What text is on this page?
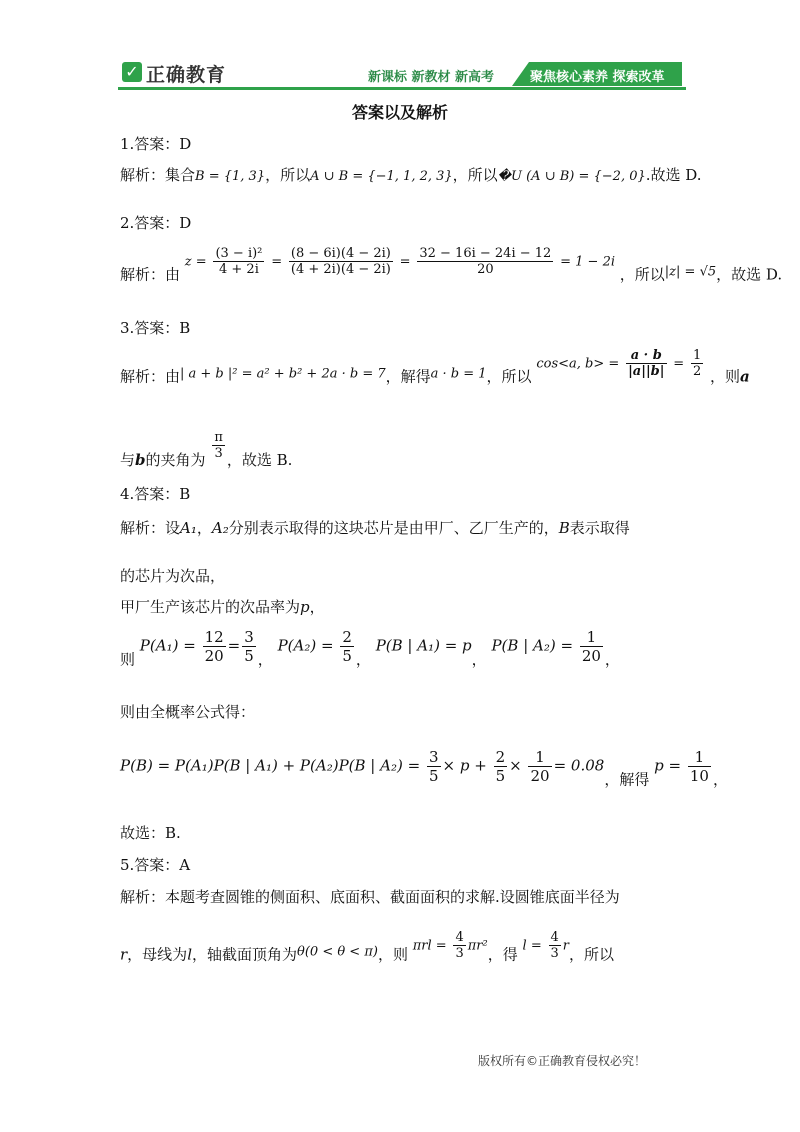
✓ 正确教育	新课标 新教材 新高考	聚焦核心素养 探索改革
答案以及解析
1.答案：D
解析：集合B = {1, 3}，所以A ∪ B = {−1, 1, 2, 3}，所以�U (A ∪ B) = {−2, 0}.故选 D.
2.答案：D
解析：由 $z = \frac{\text{(3 − i)²}}{4 + 2i} = \frac{(8 - 6i)(4 - 2i)}{(4 + 2i)(4 - 2i)} = \frac{32 - 16i - 24i - 12}{20} = 1 - 2i$ ，所以|z| = √5，故选 D.
3.答案：B
解析：由| a + b |² = a² + b² + 2a · b = 7，解得a · b = 1，所以 cos<a, $b> = \frac{a \cdot b}{|a||b|} = \frac{1}{2}$ ，则a
与b的夹角为 $\frac{\pi}{3}$ ，故选 B.
4.答案：B
解析：设A₁，A₂分别表示取得的这块芯片是由甲厂、乙厂生产的，B表示取得
的芯片为次品，
甲厂生产该芯片的次品率为p，
则 $P(A_1) = \frac{12}{20} = \frac{3}{5}$ ， $P(A_2) = \frac{2}{5}$ ， P(B | A₁) = p， P(B | $A_2) = \frac{1}{20}$ ，
则由全概率公式得：
P(B) = P(A₁)P(B | A₁) + P(A₂)P(B | $A_2) = \frac{3}{5} \times p + \frac{2}{5} \times \frac{1}{20} = 0.08$，解得 $p = \frac{1}{10}$ ，
故选：B.
5.答案：A
解析：本题考查圆锥的侧面积、底面积、截面面积的求解.设圆锥底面半径为
r，母线为l，轴截面顶角为θ(0 < θ < π)，则 $\pi rl = \frac{4}{3} \pi r^2$，得 $l = \frac{4}{3}$ r，所以
版权所有©正确教育侵权必究！
